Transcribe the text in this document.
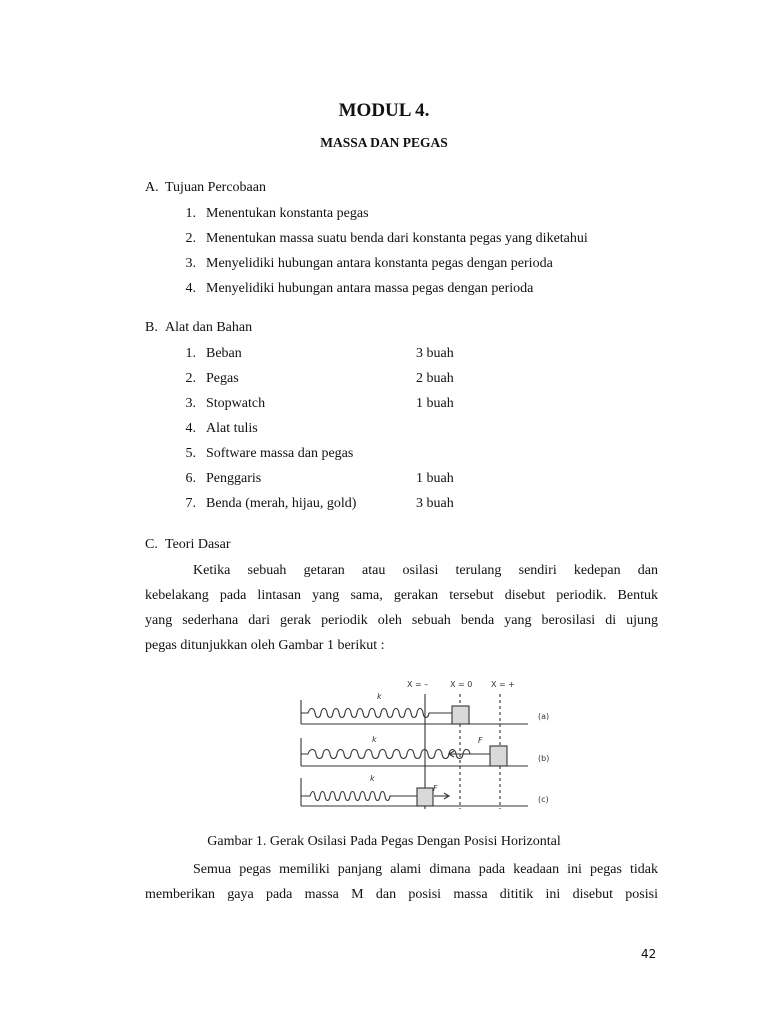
MODUL 4.
MASSA DAN PEGAS
A. Tujuan Percobaan
1. Menentukan konstanta pegas
2. Menentukan massa suatu benda dari konstanta pegas yang diketahui
3. Menyelidiki hubungan antara konstanta pegas dengan perioda
4. Menyelidiki hubungan antara massa pegas dengan perioda
B. Alat dan Bahan
1. Beban	3 buah
2. Pegas	2 buah
3. Stopwatch	1 buah
4. Alat tulis
5. Software massa dan pegas
6. Penggaris	1 buah
7. Benda (merah, hijau, gold)	3 buah
C. Teori Dasar
Ketika sebuah getaran atau osilasi terulang sendiri kedepan dan
kebelakang pada lintasan yang sama, gerakan tersebut disebut periodik. Bentuk
yang sederhana dari gerak periodik oleh sebuah benda yang berosilasi di ujung
pegas ditunjukkan oleh Gambar 1 berikut :
X = –	X = 0 X = +
k
k
k
F
F
(a)
(b)
(c)
Gambar 1. Gerak Osilasi Pada Pegas Dengan Posisi Horizontal
Semua pegas memiliki panjang alami dimana pada keadaan ini pegas tidak
memberikan gaya pada massa M dan posisi massa dititik ini disebut posisi
42
